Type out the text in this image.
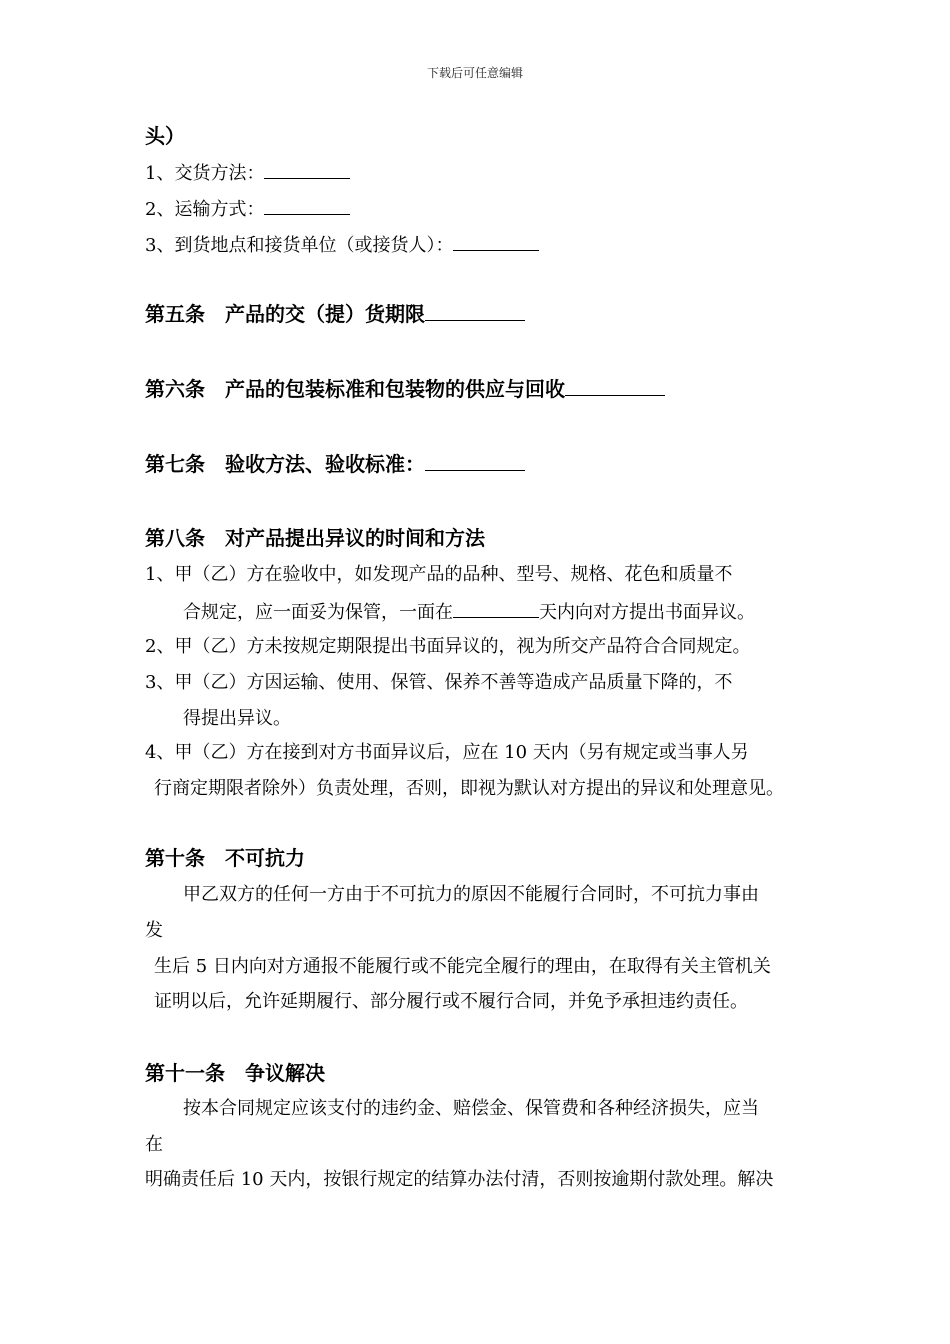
下载后可任意编辑
头）
1、交货方法：
2、运输方式：
3、到货地点和接货单位（或接货人）：
第五条　产品的交（提）货期限
第六条　产品的包装标准和包装物的供应与回收
第七条　验收方法、验收标准：
第八条　对产品提出异议的时间和方法
1、甲（乙）方在验收中，如发现产品的品种、型号、规格、花色和质量不
合规定，应一面妥为保管，一面在	天内向对方提出书面异议。
2、甲（乙）方未按规定期限提出书面异议的，视为所交产品符合合同规定。
3、甲（乙）方因运输、使用、保管、保养不善等造成产品质量下降的，不
得提出异议。
4、甲（乙）方在接到对方书面异议后，应在 10 天内（另有规定或当事人另
行商定期限者除外）负责处理，否则，即视为默认对方提出的异议和处理意见。
第十条　不可抗力
甲乙双方的任何一方由于不可抗力的原因不能履行合同时，不可抗力事由
发
生后 5 日内向对方通报不能履行或不能完全履行的理由，在取得有关主管机关
证明以后，允许延期履行、部分履行或不履行合同，并免予承担违约责任。
第十一条　争议解决
按本合同规定应该支付的违约金、赔偿金、保管费和各种经济损失，应当
在
明确责任后 10 天内，按银行规定的结算办法付清，否则按逾期付款处理。解决
